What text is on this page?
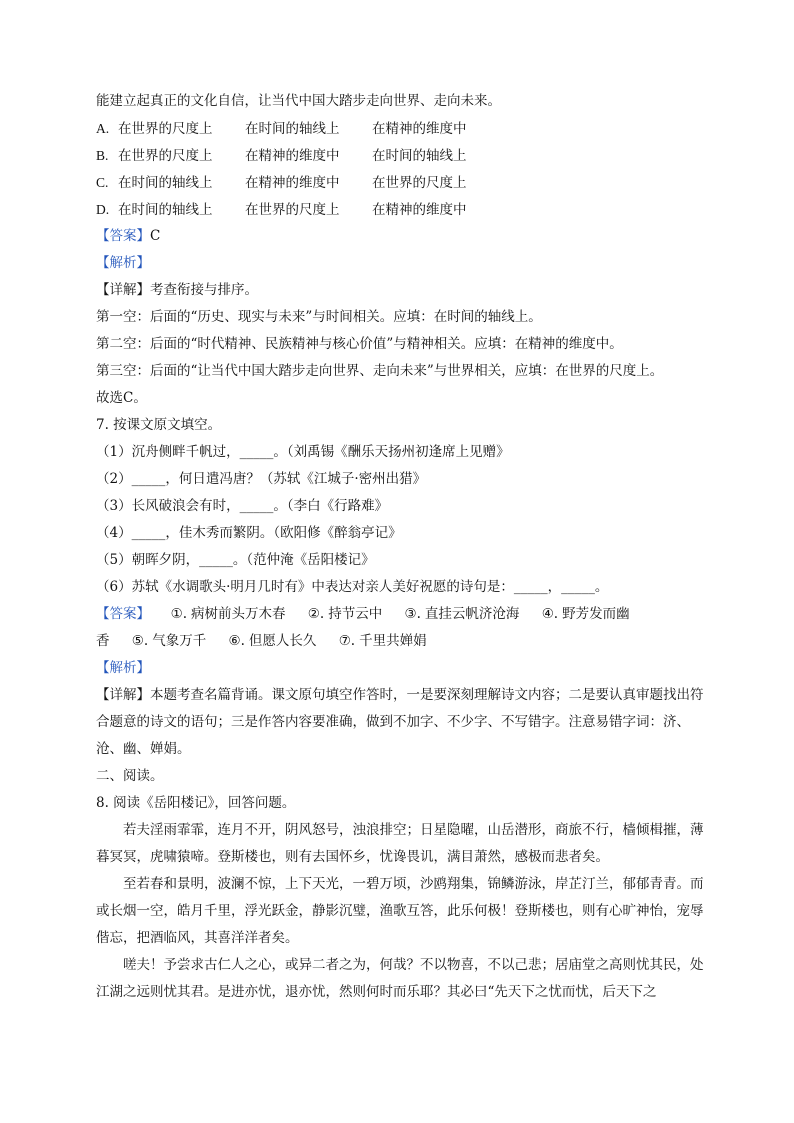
能建立起真正的文化自信，让当代中国大踏步走向世界、走向未来。
A. 在世界的尺度上 在时间的轴线上 在精神的维度中
B. 在世界的尺度上 在精神的维度中 在时间的轴线上
C. 在时间的轴线上 在精神的维度中 在世界的尺度上
D. 在时间的轴线上 在世界的尺度上 在精神的维度中
【答案】C
【解析】
【详解】考查衔接与排序。
第一空：后面的“历史、现实与未来”与时间相关。应填：在时间的轴线上。
第二空：后面的“时代精神、民族精神与核心价值”与精神相关。应填：在精神的维度中。
第三空：后面的“让当代中国大踏步走向世界、走向未来”与世界相关，应填：在世界的尺度上。
故选C。
7. 按课文原文填空。
（1）沉舟侧畔千帆过，_____。（刘禹锡《酬乐天扬州初逢席上见赠》
（2）_____，何日遣冯唐？（苏轼《江城子·密州出猎》
（3）长风破浪会有时，_____。（李白《行路难》
（4）_____，佳木秀而繁阴。（欧阳修《醉翁亭记》
（5）朝晖夕阴，_____。（范仲淹《岳阳楼记》
（6）苏轼《水调歌头·明月几时有》中表达对亲人美好祝愿的诗句是：_____，_____。
【答案】 ①. 病树前头万木春 ②. 持节云中 ③. 直挂云帆济沧海 ④. 野芳发而幽
香 ⑤. 气象万千 ⑥. 但愿人长久 ⑦. 千里共婵娟
【解析】
【详解】本题考查名篇背诵。课文原句填空作答时，一是要深刻理解诗文内容；二是要认真审题找出符合题意的诗文的语句；三是作答内容要准确，做到不加字、不少字、不写错字。注意易错字词：济、沧、幽、婵娟。
二、阅读。
8. 阅读《岳阳楼记》，回答问题。
若夫淫雨霏霏，连月不开，阴风怒号，浊浪排空；日星隐曜，山岳潜形，商旅不行，樯倾楫摧，薄暮冥冥，虎啸猿啼。登斯楼也，则有去国怀乡，忧谗畏讥，满目萧然，感极而悲者矣。
至若春和景明，波澜不惊，上下天光，一碧万顷，沙鸥翔集，锦鳞游泳，岸芷汀兰，郁郁青青。而或长烟一空，皓月千里，浮光跃金，静影沉璧，渔歌互答，此乐何极！登斯楼也，则有心旷神怡，宠辱偕忘，把酒临风，其喜洋洋者矣。
嗟夫！予尝求古仁人之心，或异二者之为，何哉？不以物喜，不以己悲；居庙堂之高则忧其民，处江湖之远则忧其君。是进亦忧，退亦忧，然则何时而乐耶？其必曰“先天下之忧而忧，后天下之
